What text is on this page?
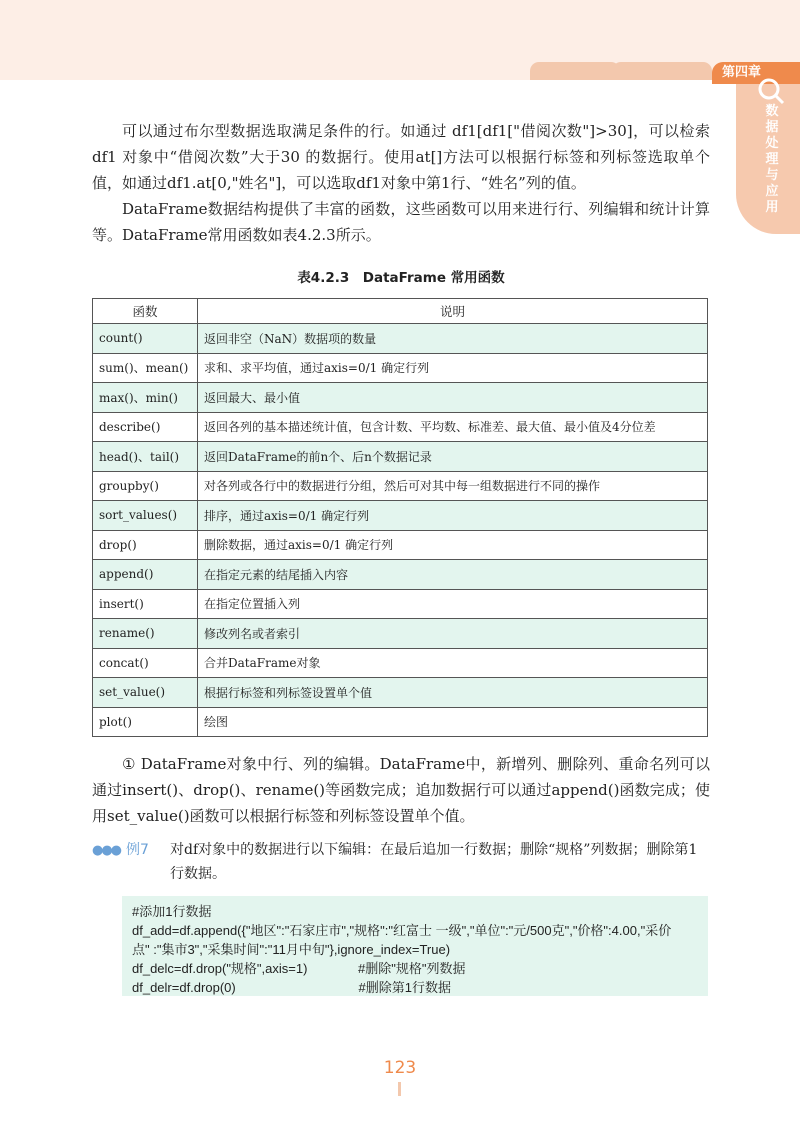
第四章
数据处理与应用

可以通过布尔型数据选取满足条件的行。如通过 df1[df1["借阅次数"]>30]，可以检索 df1 对象中“借阅次数”大于30 的数据行。使用at[]方法可以根据行标签和列标签选取单个值，如通过df1.at[0,"姓名"]，可以选取df1对象中第1行、“姓名”列的值。

DataFrame数据结构提供了丰富的函数，这些函数可以用来进行行、列编辑和统计计算等。DataFrame常用函数如表4.2.3所示。

表4.2.3　DataFrame 常用函数
函数	说明
count()	返回非空（NaN）数据项的数量
sum()、mean()	求和、求平均值，通过axis=0/1 确定行列
max()、min()	返回最大、最小值
describe()	返回各列的基本描述统计值，包含计数、平均数、标准差、最大值、最小值及4分位差
head()、tail()	返回DataFrame的前n个、后n个数据记录
groupby()	对各列或各行中的数据进行分组，然后可对其中每一组数据进行不同的操作
sort_values()	排序，通过axis=0/1 确定行列
drop()	删除数据，通过axis=0/1 确定行列
append()	在指定元素的结尾插入内容
insert()	在指定位置插入列
rename()	修改列名或者索引
concat()	合并DataFrame对象
set_value()	根据行标签和列标签设置单个值
plot()	绘图

① DataFrame对象中行、列的编辑。DataFrame中，新增列、删除列、重命名列可以通过insert()、drop()、rename()等函数完成；追加数据行可以通过append()函数完成；使用set_value()函数可以根据行标签和列标签设置单个值。

●●● 例7 对df对象中的数据进行以下编辑：在最后追加一行数据；删除“规格”列数据；删除第1 行数据。
#添加1行数据
df_add=df.append({"地区":"石家庄市","规格":"红富士 一级","单位":"元/500克","价格":4.00,"采价
点" :"集市3","采集时间":"11月中旬"},ignore_index=True)
df_delc=df.drop("规格",axis=1)              #删除"规格"列数据
df_delr=df.drop(0)                                  #删除第1行数据
123
